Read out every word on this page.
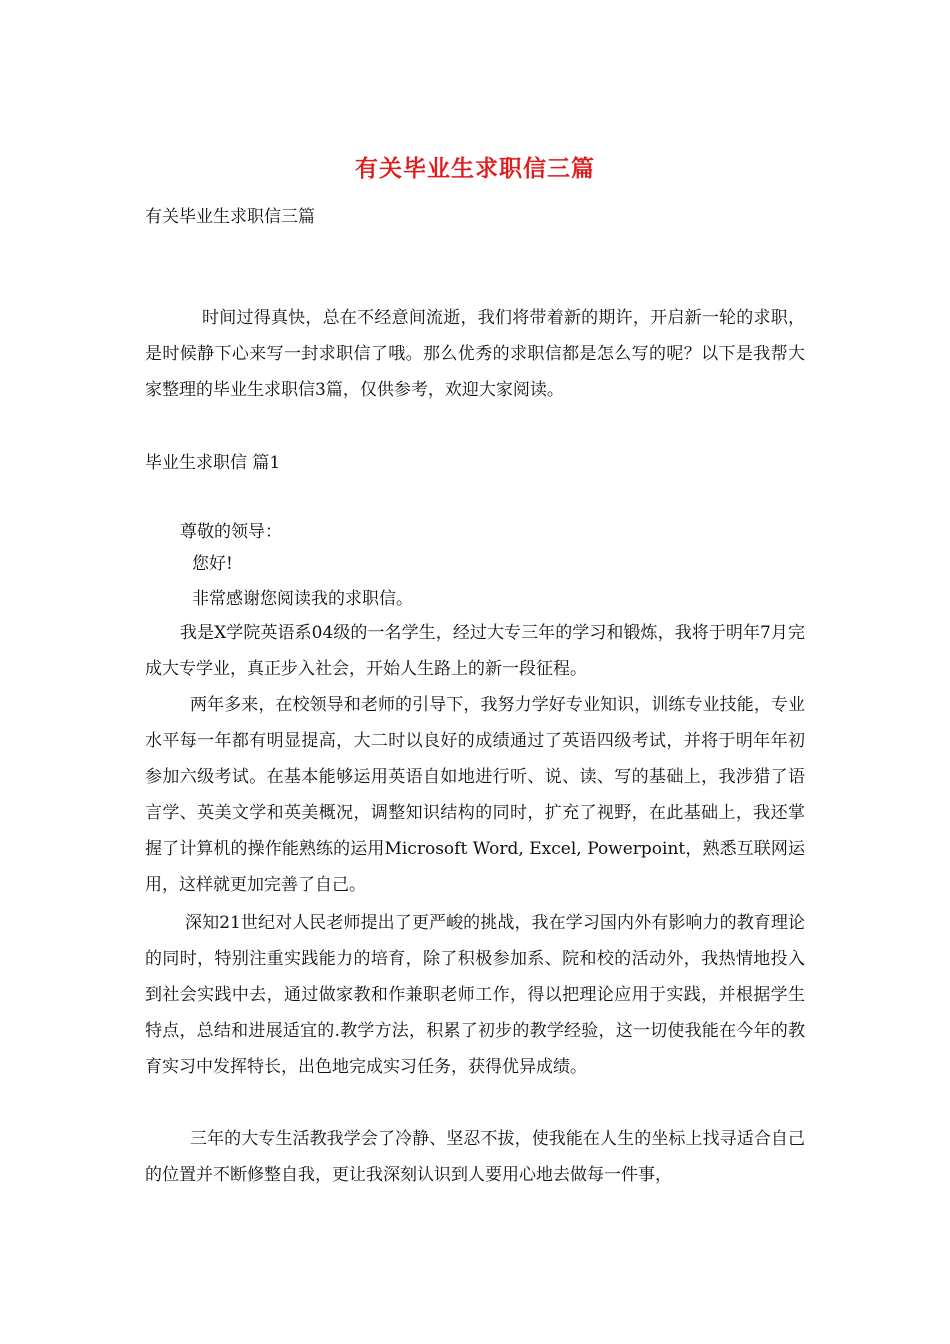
有关毕业生求职信三篇
有关毕业生求职信三篇

时间过得真快，总在不经意间流逝，我们将带着新的期许，开启新一轮的求职，是时候静下心来写一封求职信了哦。那么优秀的求职信都是怎么写的呢？以下是我帮大家整理的毕业生求职信3篇，仅供参考，欢迎大家阅读。

毕业生求职信 篇1

尊敬的领导：

您好!

非常感谢您阅读我的求职信。

我是X学院英语系04级的一名学生，经过大专三年的学习和锻炼，我将于明年7月完成大专学业，真正步入社会，开始人生路上的新一段征程。

两年多来，在校领导和老师的引导下，我努力学好专业知识，训练专业技能，专业水平每一年都有明显提高，大二时以良好的成绩通过了英语四级考试，并将于明年年初参加六级考试。在基本能够运用英语自如地进行听、说、读、写的基础上，我涉猎了语言学、英美文学和英美概况，调整知识结构的同时，扩充了视野，在此基础上，我还掌握了计算机的操作能熟练的运用Microsoft Word, Excel, Powerpoint，熟悉互联网运用，这样就更加完善了自己。

深知21世纪对人民老师提出了更严峻的挑战，我在学习国内外有影响力的教育理论的同时，特别注重实践能力的培育，除了积极参加系、院和校的活动外，我热情地投入到社会实践中去，通过做家教和作兼职老师工作，得以把理论应用于实践，并根据学生特点，总结和进展适宜的.教学方法，积累了初步的教学经验，这一切使我能在今年的教育实习中发挥特长，出色地完成实习任务，获得优异成绩。

三年的大专生活教我学会了冷静、坚忍不拔，使我能在人生的坐标上找寻适合自己的位置并不断修整自我，更让我深刻认识到人要用心地去做每一件事，
